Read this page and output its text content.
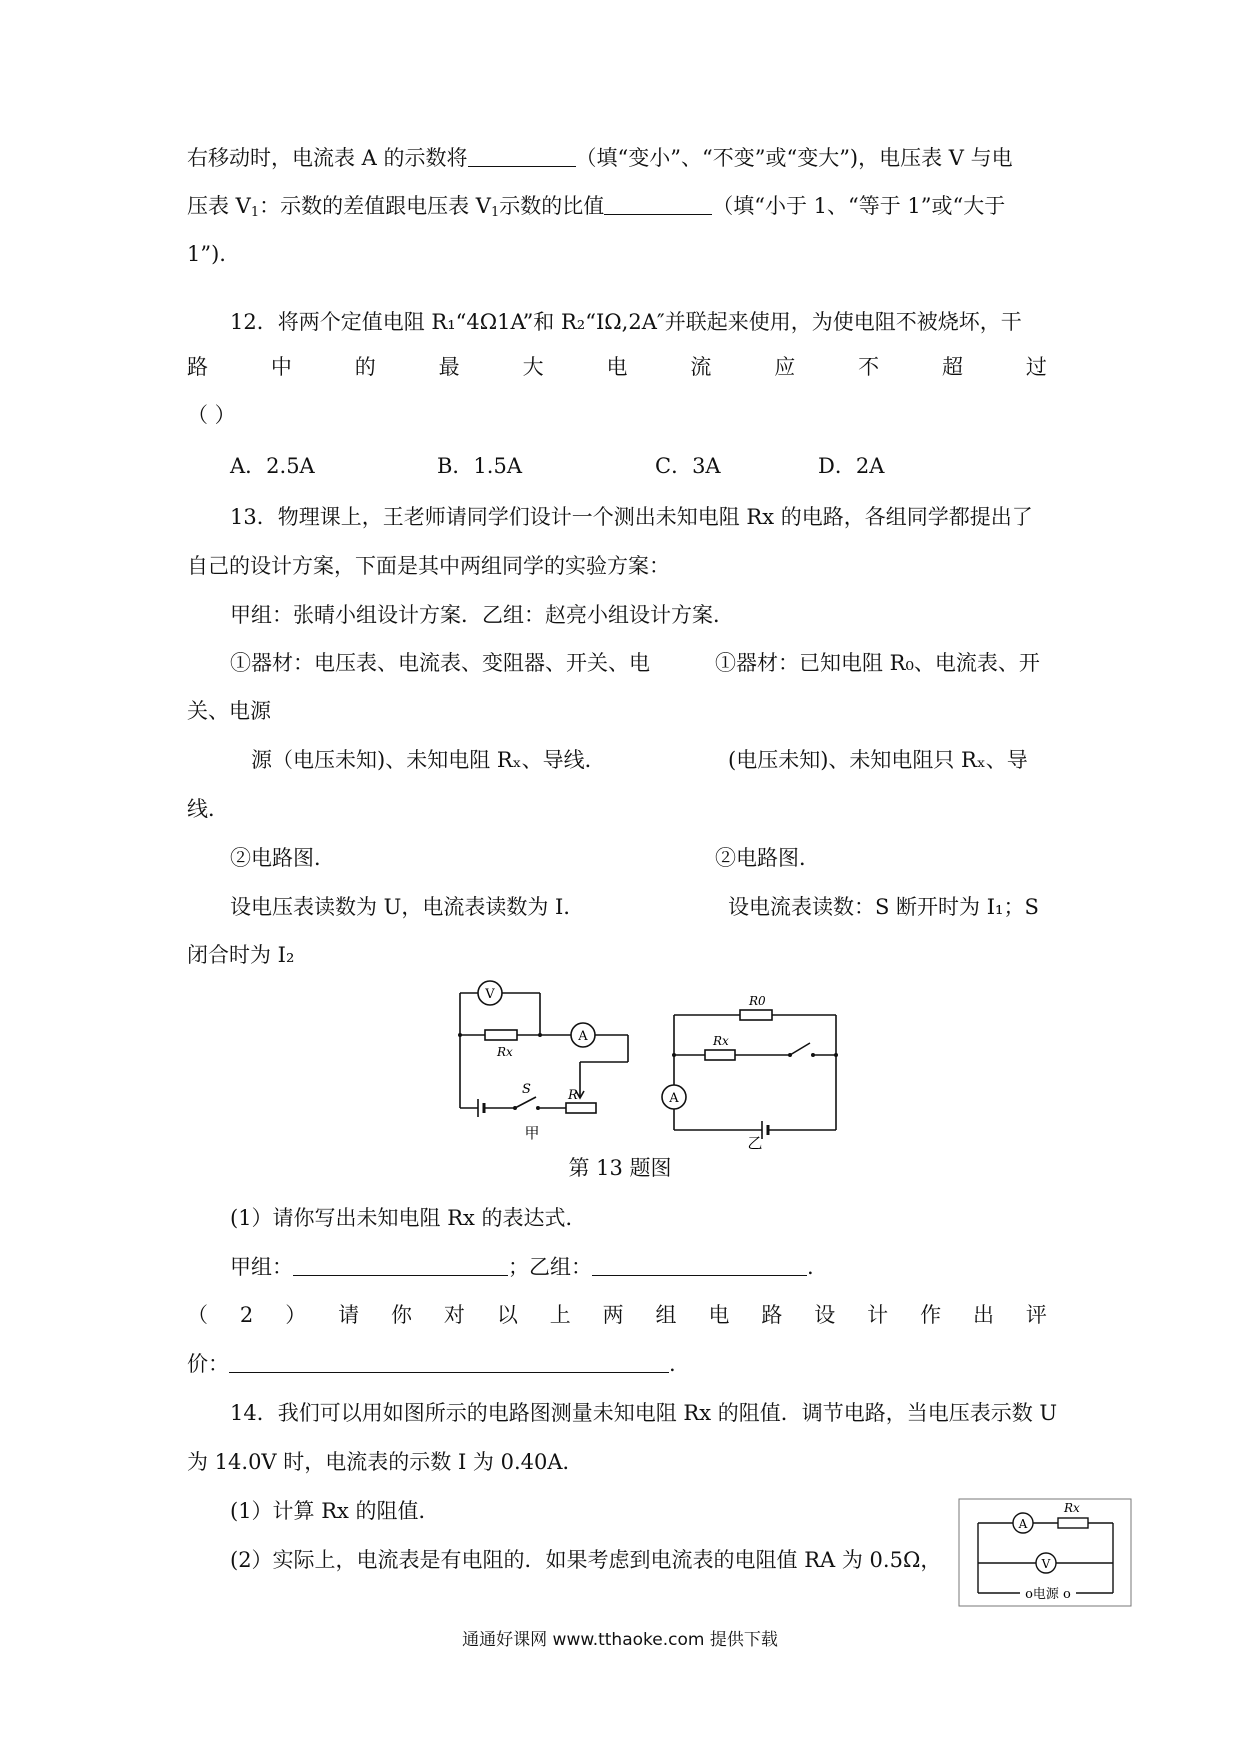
右移动时，电流表 A 的示数将	（填“变小”、“不变”或“变大”)，电压表 V 与电
压表 $V_1$：示数的差值跟电压表 $V_1$示数的比值	（填“小于 1、“等于 1”或“大于
1”).
12．将两个定值电阻 R₁“4Ω1A”和 R₂“IΩ,2A″并联起来使用，为使电阻不被烧坏，干
路	中	的	最	大	电	流	应	不	超	过
（ ）
A．2.5A	B．1.5A	C．3A	D．2A
13．物理课上，王老师请同学们设计一个测出未知电阻 Rx 的电路，各组同学都提出了
自己的设计方案，下面是其中两组同学的实验方案：
甲组：张晴小组设计方案．乙组：赵亮小组设计方案．
①器材：电压表、电流表、变阻器、开关、电	①器材：已知电阻 R₀、电流表、开
关、电源
源（电压未知)、未知电阻 Rₓ、导线．	(电压未知)、未知电阻只 Rₓ、导
线．
②电路图．	②电路图．
设电压表读数为 U，电流表读数为 I．	设电流表读数：S 断开时为 I₁；S
闭合时为 I₂
V
A
Rx
S	R
甲
R0
Rx
A
乙
第 13 题图
(1）请你写出未知电阻 Rx 的表达式．
甲组：	；乙组：	.
（ 2 ） 请 你 对 以 上 两 组 电 路 设 计 作 出 评
价：	.
14．我们可以用如图所示的电路图测量未知电阻 Rx 的阻值．调节电路，当电压表示数 U
为 14.0V 时，电流表的示数 I 为 0.40A．
(1）计算 Rx 的阻值．
(2）实际上，电流表是有电阻的．如果考虑到电流表的电阻值 RA 为 0.5Ω，
A
V
Rx
o电源 o
通通好课网 www.tthaoke.com 提供下载
